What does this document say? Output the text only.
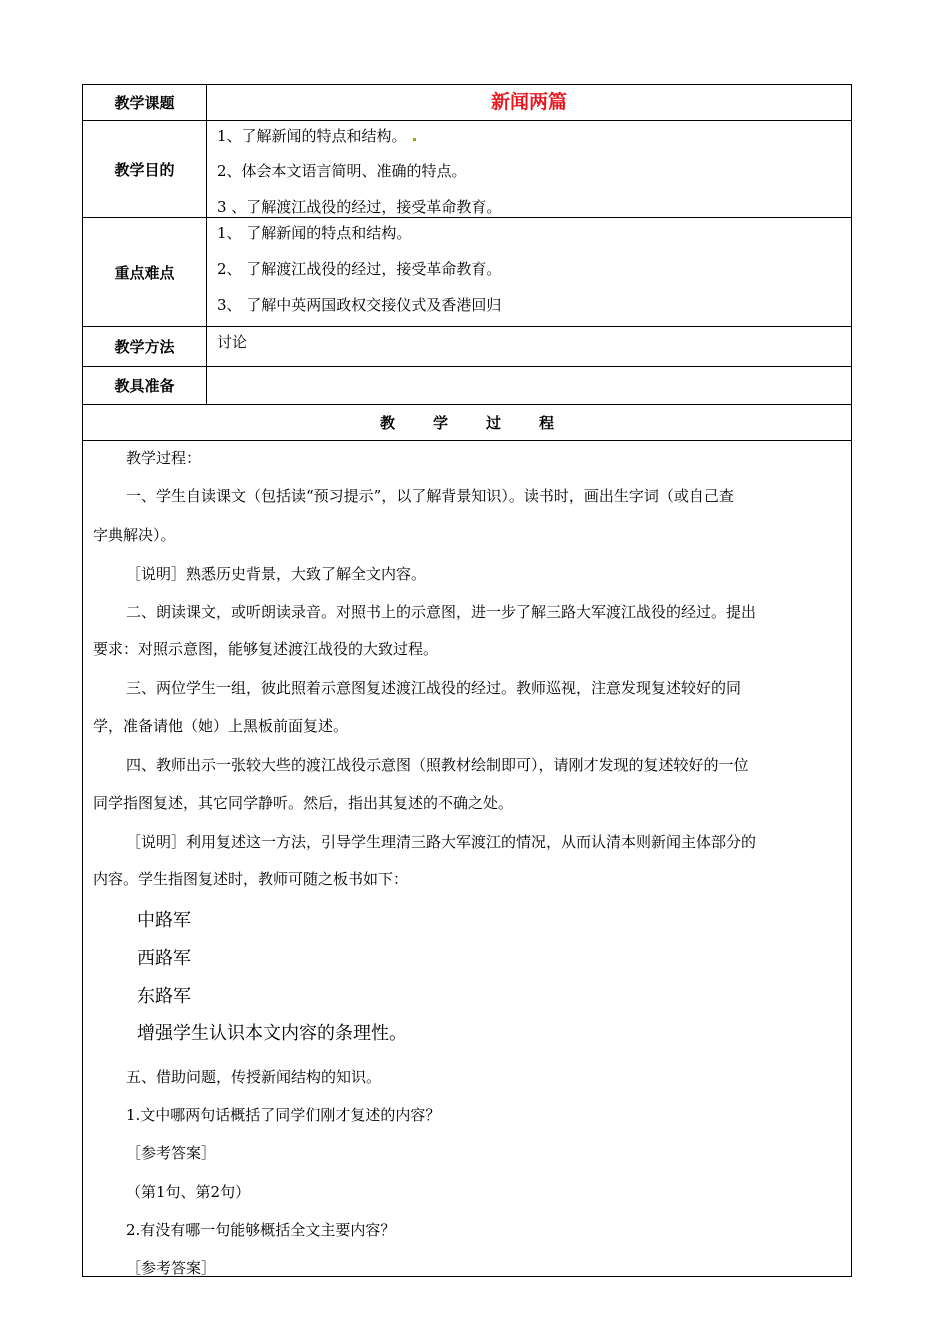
教学课题	新闻两篇
教学目的
1、了解新闻的特点和结构。
2、体会本文语言简明、准确的特点。
3 、了解渡江战役的经过，接受革命教育。
重点难点
1、 了解新闻的特点和结构。
2、 了解渡江战役的经过，接受革命教育。
3、 了解中英两国政权交接仪式及香港回归
教学方法	讨论
教具准备
教学过程
教学过程：
一、学生自读课文（包括读“预习提示”，以了解背景知识）。读书时，画出生字词（或自己查
字典解决）。
［说明］熟悉历史背景，大致了解全文内容。
二、朗读课文，或听朗读录音。对照书上的示意图，进一步了解三路大军渡江战役的经过。提出
要求：对照示意图，能够复述渡江战役的大致过程。
三、两位学生一组，彼此照着示意图复述渡江战役的经过。教师巡视，注意发现复述较好的同
学，准备请他（她）上黑板前面复述。
四、教师出示一张较大些的渡江战役示意图（照教材绘制即可），请刚才发现的复述较好的一位
同学指图复述，其它同学静听。然后，指出其复述的不确之处。
［说明］利用复述这一方法，引导学生理清三路大军渡江的情况，从而认清本则新闻主体部分的
内容。学生指图复述时，教师可随之板书如下：
中路军
西路军
东路军
增强学生认识本文内容的条理性。
五、借助问题，传授新闻结构的知识。
1.文中哪两句话概括了同学们刚才复述的内容？
［参考答案］
（第1句、第2句）
2.有没有哪一句能够概括全文主要内容？
［参考答案］
